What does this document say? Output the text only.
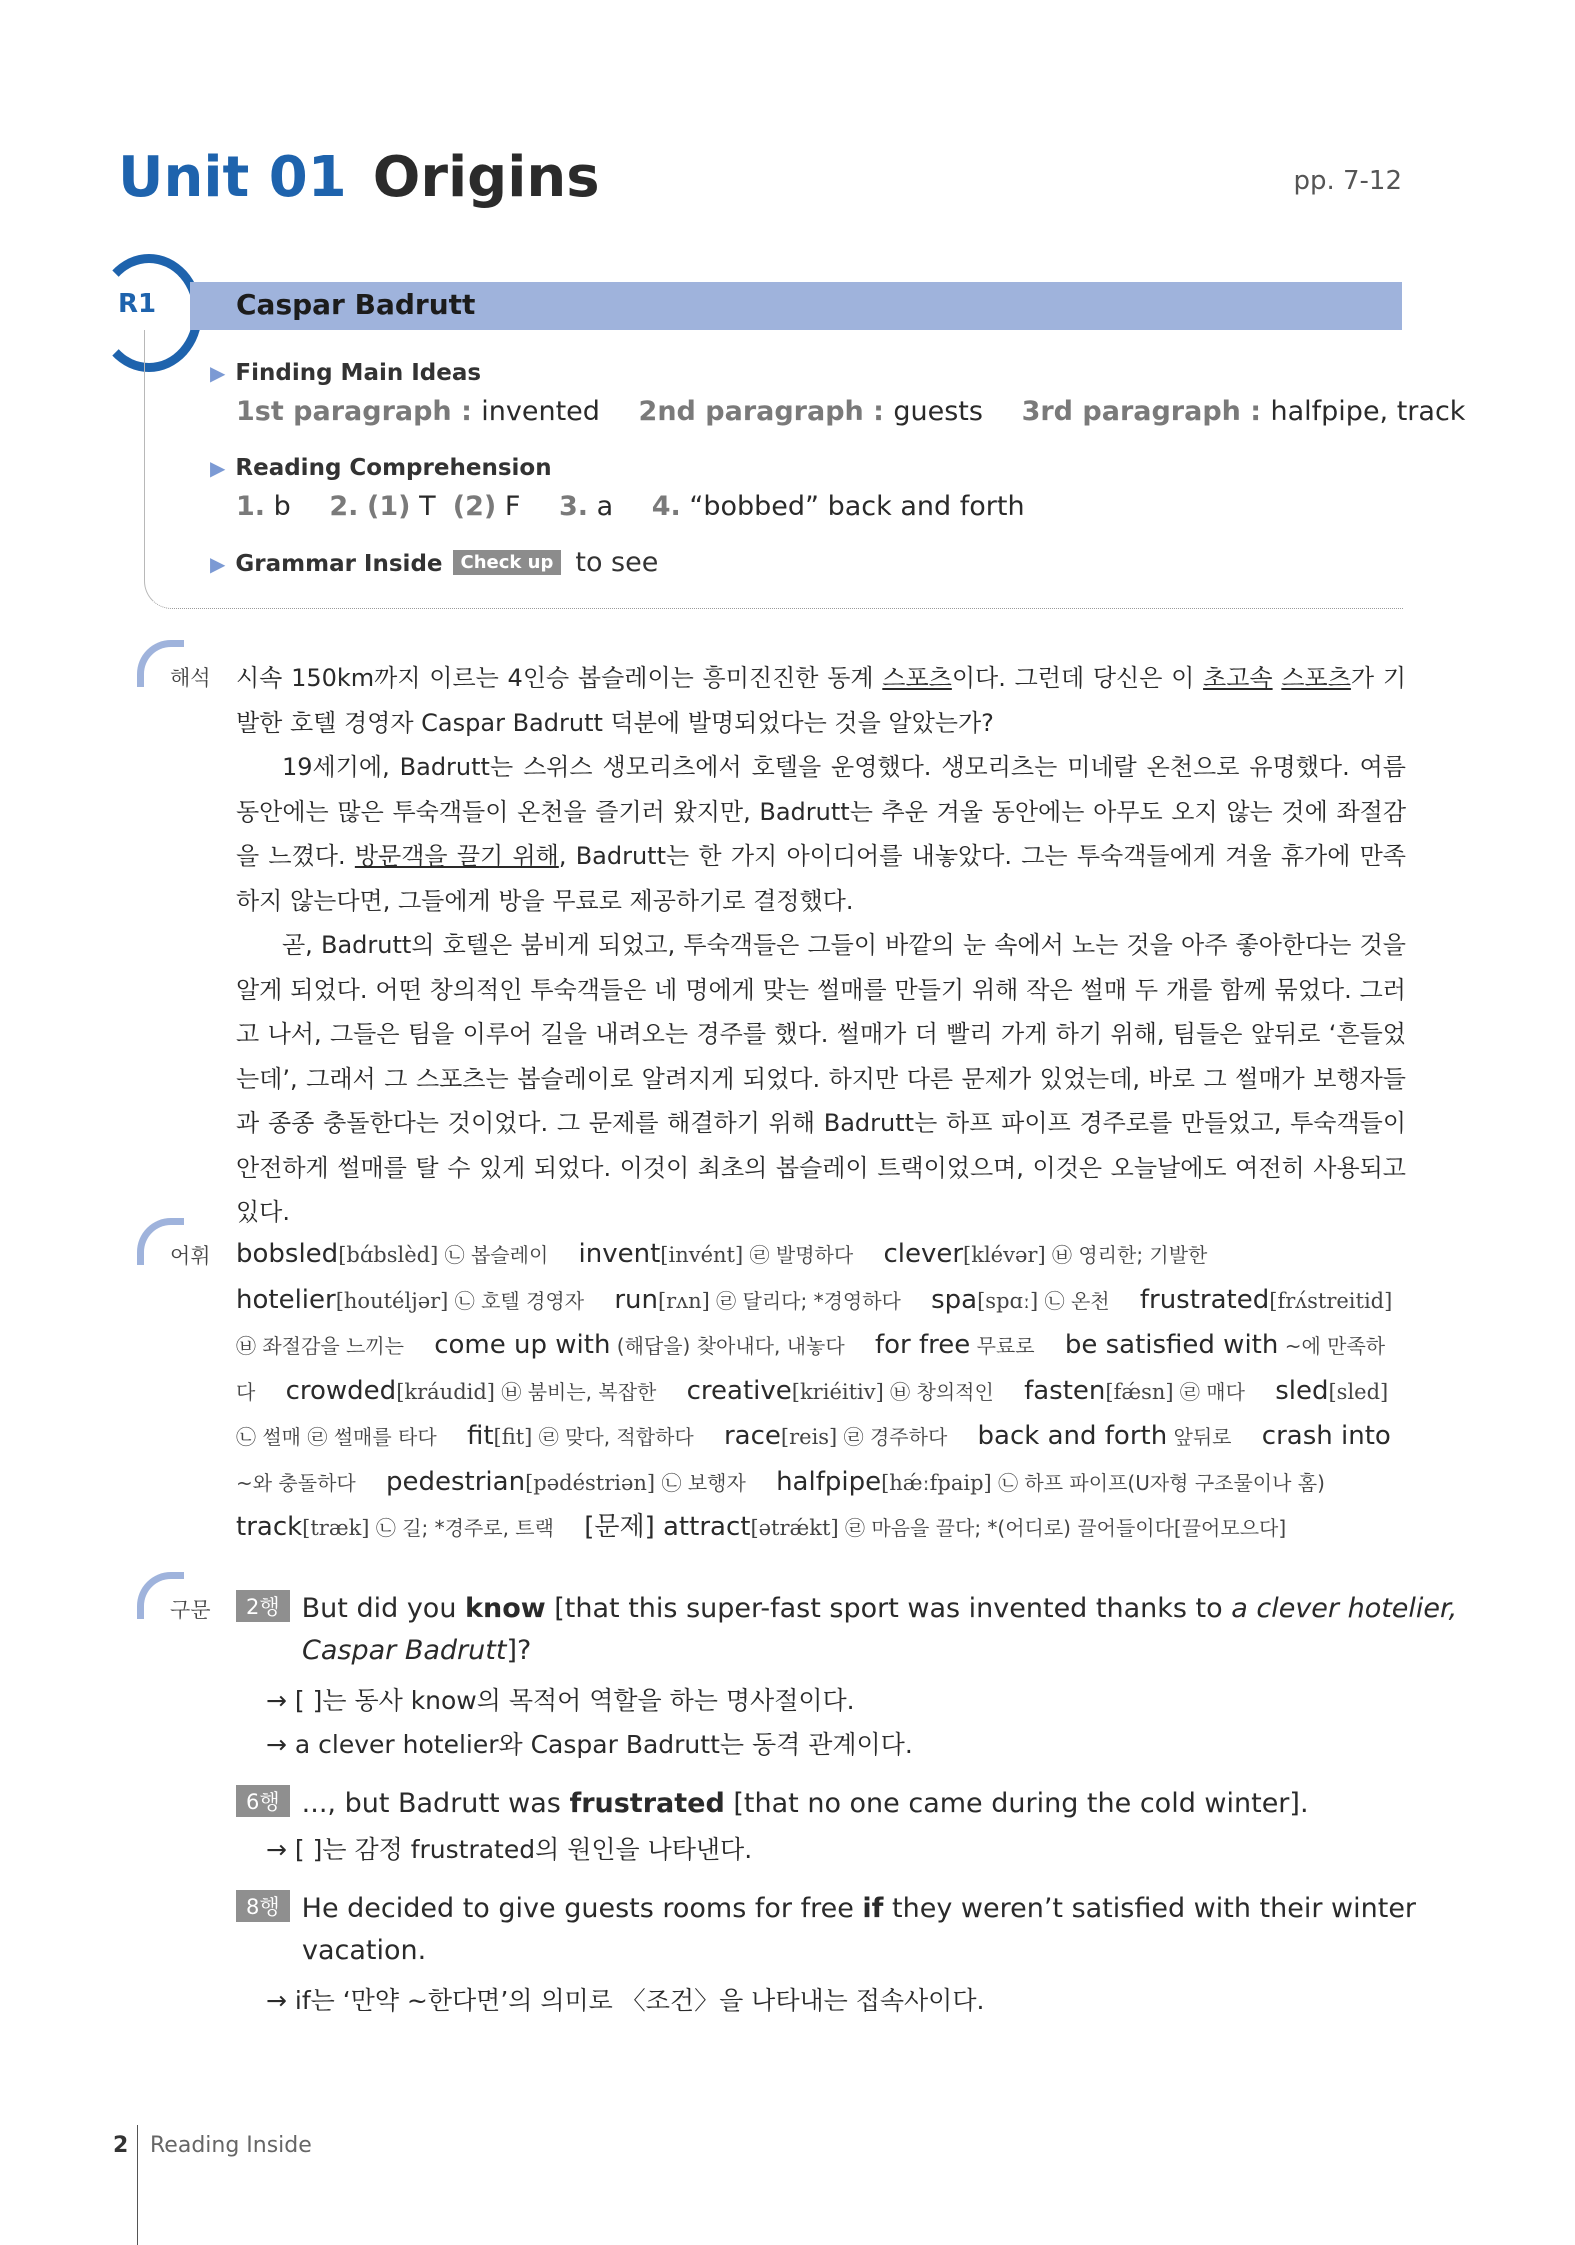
Unit 01 Origins	pp. 7-12
R1	Caspar Badrutt
▶ Finding Main Ideas
1st paragraph : invented 2nd paragraph : guests 3rd paragraph : halfpipe, track
▶ Reading Comprehension
1. b 2. (1) T (2) F 3. a 4. “bobbed” back and forth
▶ Grammar Inside Check up to see
해석 시속 150km까지 이르는 4인승 봅슬레이는 흥미진진한 동계 스포츠이다. 그런데 당신은 이 초고속 스포츠가 기발한 호텔 경영자 Caspar Badrutt 덕분에 발명되었다는 것을 알았는가?

19세기에, Badrutt는 스위스 생모리츠에서 호텔을 운영했다. 생모리츠는 미네랄 온천으로 유명했다. 여름 동안에는 많은 투숙객들이 온천을 즐기러 왔지만, Badrutt는 추운 겨울 동안에는 아무도 오지 않는 것에 좌절감을 느꼈다. 방문객을 끌기 위해, Badrutt는 한 가지 아이디어를 내놓았다. 그는 투숙객들에게 겨울 휴가에 만족하지 않는다면, 그들에게 방을 무료로 제공하기로 결정했다.

곧, Badrutt의 호텔은 붐비게 되었고, 투숙객들은 그들이 바깥의 눈 속에서 노는 것을 아주 좋아한다는 것을 알게 되었다. 어떤 창의적인 투숙객들은 네 명에게 맞는 썰매를 만들기 위해 작은 썰매 두 개를 함께 묶었다. 그러고 나서, 그들은 팀을 이루어 길을 내려오는 경주를 했다. 썰매가 더 빨리 가게 하기 위해, 팀들은 앞뒤로 ‘흔들었는데’, 그래서 그 스포츠는 봅슬레이로 알려지게 되었다. 하지만 다른 문제가 있었는데, 바로 그 썰매가 보행자들과 종종 충돌한다는 것이었다. 그 문제를 해결하기 위해 Badrutt는 하프 파이프 경주로를 만들었고, 투숙객들이 안전하게 썰매를 탈 수 있게 되었다. 이것이 최초의 봅슬레이 트랙이었으며, 이것은 오늘날에도 여전히 사용되고 있다.

어휘 bobsled[bɑ́bslèd] ㉡ 봅슬레이 invent[invént] ㉣ 발명하다 clever[klévər] ㉥ 영리한; 기발한 hotelier[houtéljər] ㉡ 호텔 경영자 run[rʌn] ㉣ 달리다; *경영하다 spa[spɑː] ㉡ 온천 frustrated[frʌ́streitid] ㉥ 좌절감을 느끼는 come up with (해답을) 찾아내다, 내놓다 for free 무료로 be satisfied with ~에 만족하다 crowded[kráudid] ㉥ 붐비는, 복잡한 creative[kriéitiv] ㉥ 창의적인 fasten[fǽsn] ㉣ 매다 sled[sled] ㉡ 썰매 ㉣ 썰매를 타다 fit[fit] ㉣ 맞다, 적합하다 race[reis] ㉣ 경주하다 back and forth 앞뒤로 crash into ~와 충돌하다 pedestrian[pədéstriən] ㉡ 보행자 halfpipe[hǽːfpaip] ㉡ 하프 파이프(U자형 구조물이나 홈) track[træk] ㉡ 길; *경주로, 트랙 [문제] attract[ətrǽkt] ㉣ 마음을 끌다; *(어디로) 끌어들이다[끌어모으다]
구문	2행 But did you know [that this super-fast sport was invented thanks to a clever hotelier,
Caspar Badrutt]?
→ [ ]는 동사 know의 목적어 역할을 하는 명사절이다.
→ a clever hotelier와 Caspar Badrutt는 동격 관계이다.
6행 ..., but Badrutt was frustrated [that no one came during the cold winter].
→ [ ]는 감정 frustrated의 원인을 나타낸다.
8행 He decided to give guests rooms for free if they weren’t satisfied with their winter
vacation.
→ if는 ‘만약 ~한다면’의 의미로 〈조건〉을 나타내는 접속사이다.
2 Reading Inside
